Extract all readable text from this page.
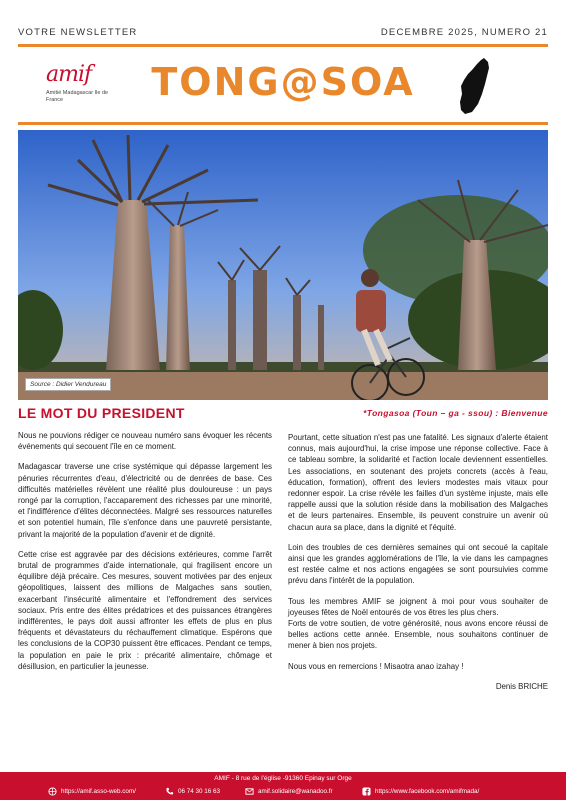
VOTRE NEWSLETTER	DECEMBRE 2025, NUMERO 21
amif
Amitié Madagascar Ile de France	TONG@SOA
Source : Didier Vendureau
LE MOT DU PRESIDENT	*Tongasoa (Toun – ga - ssou) : Bienvenue

Nous ne pouvions rédiger ce nouveau numéro sans évoquer les récents événements qui secouent l'île en ce moment.

Madagascar traverse une crise systémique qui dépasse largement les pénuries récurrentes d'eau, d'électricité ou de denrées de base. Ces difficultés matérielles révèlent une réalité plus douloureuse : un pays rongé par la corruption, l'accaparement des richesses par une minorité, et l'indifférence d'élites déconnectées. Malgré ses ressources naturelles et son potentiel humain, l'île s'enfonce dans une pauvreté persistante, privant la majorité de la population d'avenir et de dignité.

Cette crise est aggravée par des décisions extérieures, comme l'arrêt brutal de programmes d'aide internationale, qui fragilisent encore un équilibre déjà précaire. Ces mesures, souvent motivées par des enjeux géopolitiques, laissent des millions de Malgaches sans soutien, exacerbant l'insécurité alimentaire et l'effondrement des services sociaux. Pris entre des élites prédatrices et des puissances étrangères indifférentes, le pays doit aussi affronter les effets de plus en plus fréquents et dévastateurs du réchauffement climatique. Espérons que les conclusions de la COP30 puissent être efficaces. Pendant ce temps, la population en paie le prix : précarité alimentaire, chômage et désillusion, en particulier la jeunesse.

Pourtant, cette situation n'est pas une fatalité. Les signaux d'alerte étaient connus, mais aujourd'hui, la crise impose une réponse collective. Face à ce tableau sombre, la solidarité et l'action locale deviennent essentielles. Les associations, en soutenant des projets concrets (accès à l'eau, éducation, formation), offrent des leviers modestes mais vitaux pour redonner espoir. La crise révèle les failles d'un système injuste, mais elle rappelle aussi que la solution réside dans la mobilisation des Malgaches et de leurs partenaires. Ensemble, ils peuvent construire un avenir où chacun aura sa place, dans la dignité et l'équité.

Loin des troubles de ces dernières semaines qui ont secoué la capitale ainsi que les grandes agglomérations de l'île, la vie dans les campagnes est restée calme et nos actions engagées se sont poursuivies comme prévu dans l'intérêt de la population.

Tous les membres AMIF se joignent à moi pour vous souhaiter de joyeuses fêtes de Noël entourés de vos êtres les plus chers.

Forts de votre soutien, de votre générosité, nous avons encore réussi de belles actions cette année. Ensemble, nous souhaitons continuer de mener à bien nos projets.

Nous vous en remercions ! Misaotra anao izahay !

Denis BRICHE
AMIF - 8 rue de l'église -91360 Epinay sur Orge
https://amif.asso-web.com/	06 74 30 16 63	amif.solidaire@wanadoo.fr	https://www.facebook.com/amifmada/
